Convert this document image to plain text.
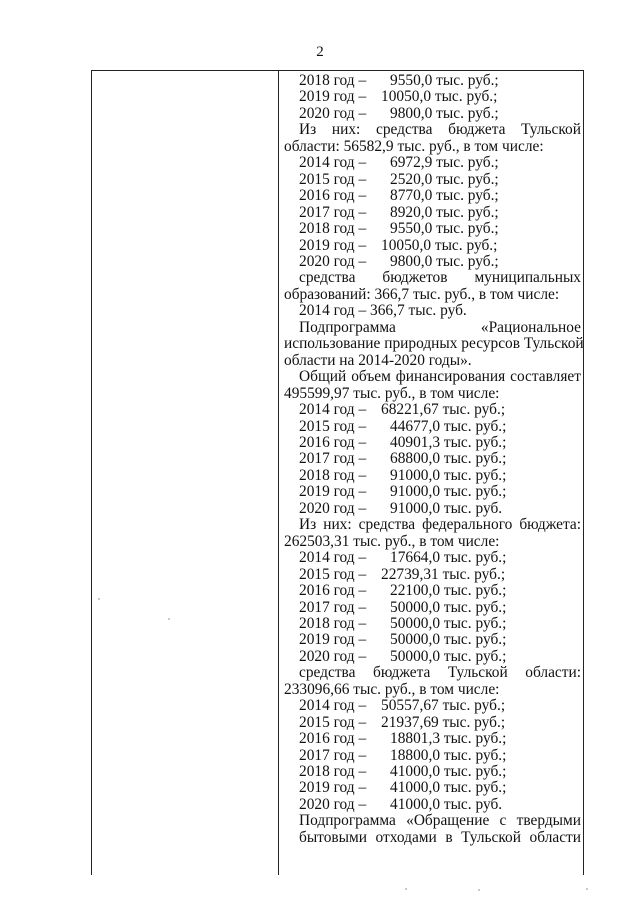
2
2018 год – 9550,0 тыс. руб.;
2019 год – 10050,0 тыс. руб.;
2020 год – 9800,0 тыс. руб.;
Из них: средства бюджета Тульской
области: 56582,9 тыс. руб., в том числе:
2014 год – 6972,9 тыс. руб.;
2015 год – 2520,0 тыс. руб.;
2016 год – 8770,0 тыс. руб.;
2017 год – 8920,0 тыс. руб.;
2018 год – 9550,0 тыс. руб.;
2019 год – 10050,0 тыс. руб.;
2020 год – 9800,0 тыс. руб.;
средства бюджетов муниципальных
образований: 366,7 тыс. руб., в том числе:
2014 год – 366,7 тыс. руб.
Подпрограмма «Рациональное
использование природных ресурсов Тульской
области на 2014-2020 годы».
Общий объем финансирования составляет
495599,97 тыс. руб., в том числе:
2014 год – 68221,67 тыс. руб.;
2015 год – 44677,0 тыс. руб.;
2016 год – 40901,3 тыс. руб.;
2017 год – 68800,0 тыс. руб.;
2018 год – 91000,0 тыс. руб.;
2019 год – 91000,0 тыс. руб.;
2020 год – 91000,0 тыс. руб.
Из них: средства федерального бюджета:
262503,31 тыс. руб., в том числе:
2014 год – 17664,0 тыс. руб.;
2015 год – 22739,31 тыс. руб.;
2016 год – 22100,0 тыс. руб.;
2017 год – 50000,0 тыс. руб.;
2018 год – 50000,0 тыс. руб.;
2019 год – 50000,0 тыс. руб.;
2020 год – 50000,0 тыс. руб.;
средства бюджета Тульской области:
233096,66 тыс. руб., в том числе:
2014 год – 50557,67 тыс. руб.;
2015 год – 21937,69 тыс. руб.;
2016 год – 18801,3 тыс. руб.;
2017 год – 18800,0 тыс. руб.;
2018 год – 41000,0 тыс. руб.;
2019 год – 41000,0 тыс. руб.;
2020 год – 41000,0 тыс. руб.
Подпрограмма «Обращение с твердыми
бытовыми отходами в Тульской области
